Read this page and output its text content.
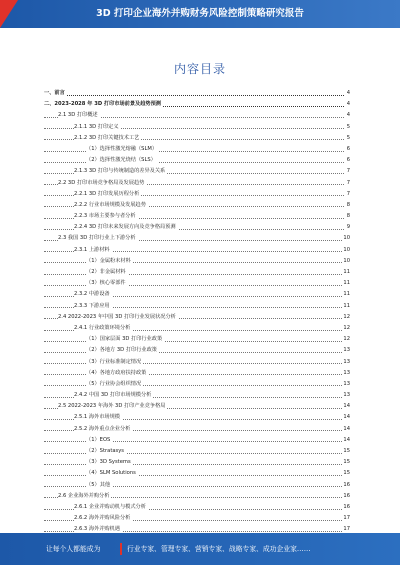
3D 打印企业海外并购财务风险控制策略研究报告
内容目录
一、前言	4
二、2023-2028 年 3D 打印市场前景及趋势预测	4
2.1 3D 打印概述	4
2.1.1 3D 打印定义	5
2.1.2 3D 打印关键技术工艺	5
（1）选择性激光熔融（SLM）	6
（2）选择性激光烧结（SLS）	6
2.1.3 3D 打印与传统制造的差异及关系	7
2.2 3D 打印市场竞争格局及发展趋势	7
2.2.1 3D 打印发展历程分析	7
2.2.2 行业市场规模及发展趋势	8
2.2.3 市场主要参与者分析	8
2.2.4 3D 打印未来发展方向及竞争格局预测	9
2.3 我国 3D 打印行业上下游分析	10
2.3.1 上游材料	10
（1）金属粉末材料	10
（2）非金属材料	11
（3）核心零部件	11
2.3.2 中游设备	11
2.3.3 下游应用	11
2.4 2022-2023 年中国 3D 打印行业发展状况分析	12
2.4.1 行业政策环境分析	12
（1）国家层面 3D 打印行业政策	12
（2）各地方 3D 打印行业政策	13
（3）行业标准制定情况	13
（4）各地方政府扶持政策	13
（5）行业协会组织情况	13
2.4.2 中国 3D 打印市场规模分析	13
2.5 2022-2023 年海外 3D 打印产业竞争格局	14
2.5.1 海外市场规模	14
2.5.2 海外重点企业分析	14
（1）EOS	14
（2）Stratasys	15
（3）3D Systems	15
（4）SLM Solutions	15
（5）其他	16
2.6 企业海外并购分析	16
2.6.1 企业并购动机与模式分析	16
2.6.2 海外并购风险分析	17
2.6.3 海外并购机遇	17
让每个人都能成为	行业专家、管理专家、营销专家、战略专家、成功企业家……
